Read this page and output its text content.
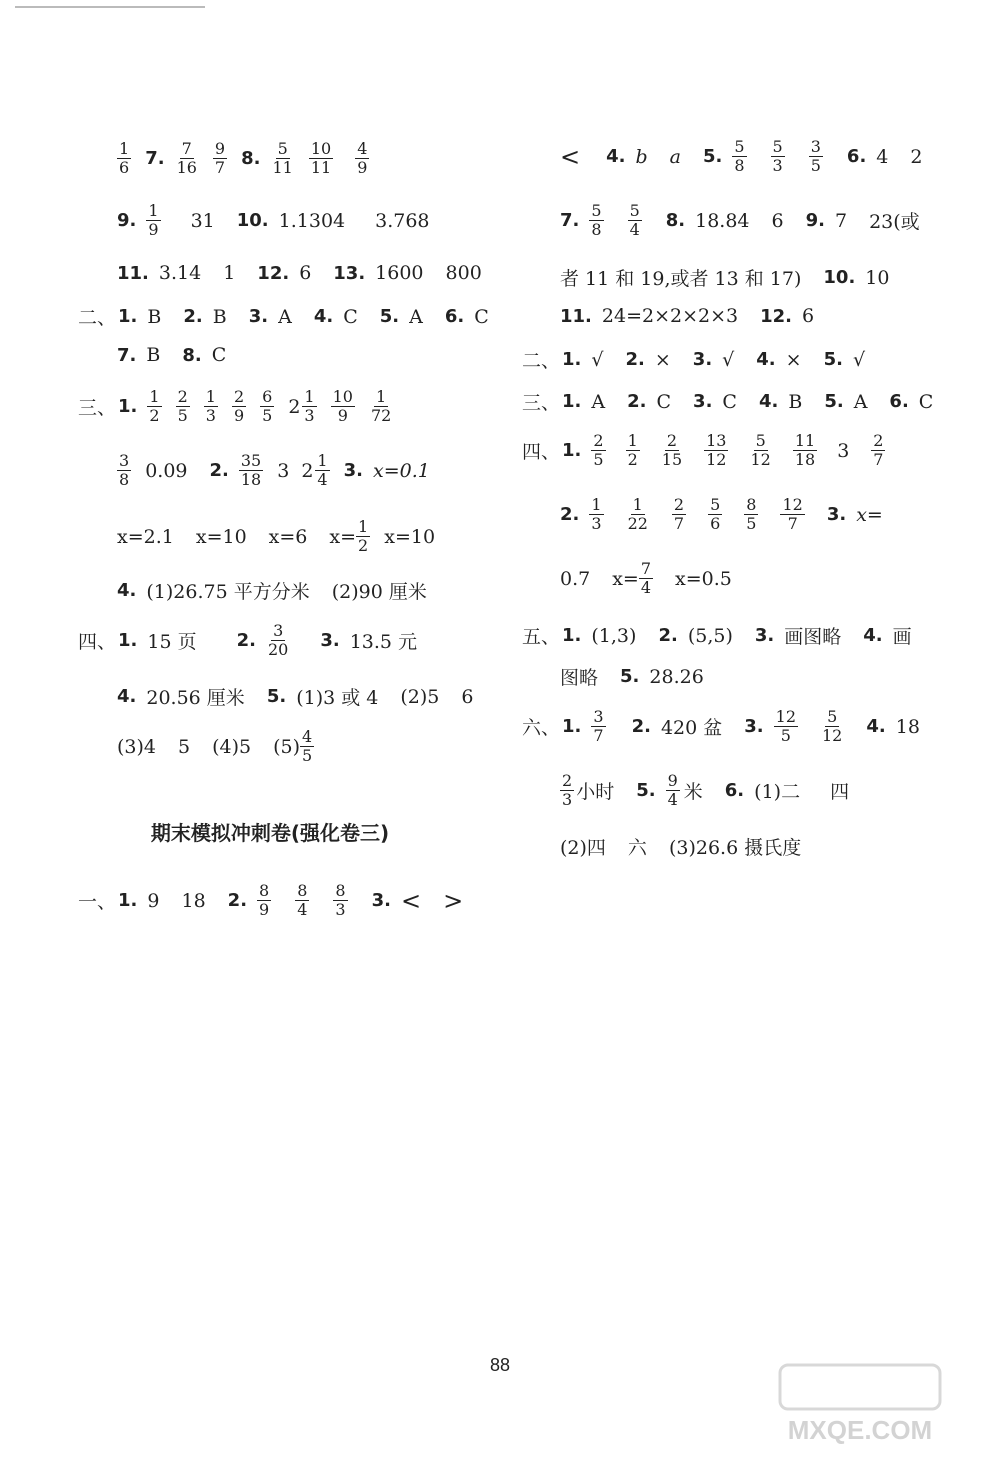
$\frac{1}{6} 7$. $\frac{7}{16} \frac{9}{7} 8$. $\frac{5}{11} \frac{10}{11} \frac{4}{9}$
9. $\frac{1}{9} 31$ 10. 1.1304 3.768
11. 3.14 1 12. 6 13. 1600 800
二、 1. B 2. B 3. A 4. C 5. A 6. C
7. B 8. C
三、 1. $\frac{1}{2} \frac{2}{5} \frac{1}{3} \frac{2}{9} \frac{6}{5} 2 \frac{1}{3} \frac{10}{9} \frac{1}{72}$
$\frac{3}{8} 0.09$ 2. $\frac{35}{18} 3$ $2 \frac{1}{4} 3$. x=0.1
x=2.1 x=10 x=6 $x= \frac{1}{2} x=10$
4. (1)26.75 平方分米 (2)90 厘米
四、 1. 15 页 2. $\frac{3}{20} 3$. 13.5 元
4. 20.56 厘米 5. (1)3 或 4 (2)5 6
(3)4 5 (4)5 $(5) \frac{4}{5}$
期末模拟冲刺卷(强化卷三)
一、 1. 9 18 2. $\frac{8}{9} \frac{8}{4} \frac{8}{3} 3$. < >
< 4. b a 5. $\frac{5}{8} \frac{5}{3} \frac{3}{5} 6$. 4 2
7. $\frac{5}{8} \frac{5}{4} 8$. 18.84 6 9. 7 23(或
者 11 和 19,或者 13 和 17) 10. 10
11. 24=2×2×2×3 12. 6
二、 1. √ 2. × 3. √ 4. × 5. √
三、 1. A 2. C 3. C 4. B 5. A 6. C
四、 1. $\frac{2}{5} \frac{1}{2} \frac{2}{15} \frac{13}{12} \frac{5}{12} \frac{11}{18} 3 \frac{2}{7}$
2. $\frac{1}{3} \frac{1}{22} \frac{2}{7} \frac{5}{6} \frac{8}{5} \frac{12}{7} 3$. x=
0.7 $x= \frac{7}{4} x=0.5$
五、 1. (1,3) 2. (5,5) 3. 画图略 4. 画
图略 5. 28.26
六、 1. $\frac{3}{7} 2$. 420 盆 3. $\frac{12}{5} \frac{5}{12} 4$. 18
$\frac{2}{3}$ 小时 5. $\frac{9}{4}$ 米 6. (1)二 四
(2)四 六 (3)26.6 摄氏度
88
MXQE.COM
